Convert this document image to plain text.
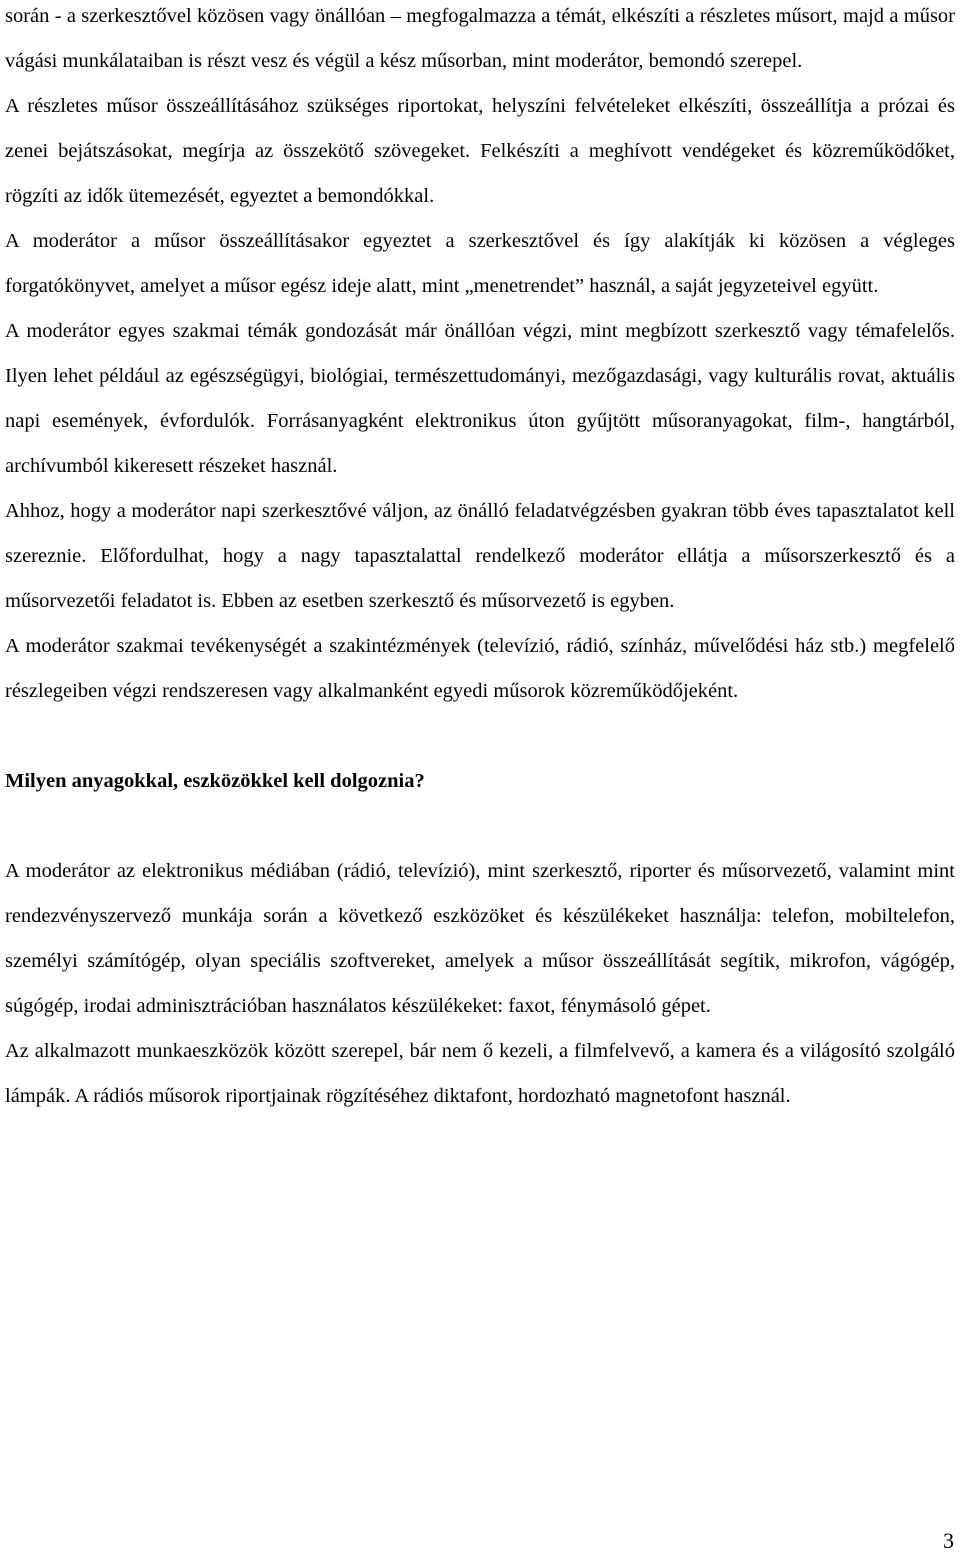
során - a szerkesztővel közösen vagy önállóan – megfogalmazza a témát, elkészíti a részletes műsort, majd a műsor vágási munkálataiban is részt vesz és végül a kész műsorban, mint moderátor, bemondó szerepel.

A részletes műsor összeállításához szükséges riportokat, helyszíni felvételeket elkészíti, összeállítja a prózai és zenei bejátszásokat, megírja az összekötő szövegeket. Felkészíti a meghívott vendégeket és közreműködőket, rögzíti az idők ütemezését, egyeztet a bemondókkal.

A moderátor a műsor összeállításakor egyeztet a szerkesztővel és így alakítják ki közösen a végleges forgatókönyvet, amelyet a műsor egész ideje alatt, mint „menetrendet” használ, a saját jegyzeteivel együtt.

A moderátor egyes szakmai témák gondozását már önállóan végzi, mint megbízott szerkesztő vagy témafelelős. Ilyen lehet például az egészségügyi, biológiai, természettudományi, mezőgazdasági, vagy kulturális rovat, aktuális napi események, évfordulók. Forrásanyagként elektronikus úton gyűjtött műsoranyagokat, film-, hangtárból, archívumból kikeresett részeket használ.

Ahhoz, hogy a moderátor napi szerkesztővé váljon, az önálló feladatvégzésben gyakran több éves tapasztalatot kell szereznie. Előfordulhat, hogy a nagy tapasztalattal rendelkező moderátor ellátja a műsorszerkesztő és a műsorvezetői feladatot is. Ebben az esetben szerkesztő és műsorvezető is egyben.

A moderátor szakmai tevékenységét a szakintézmények (televízió, rádió, színház, művelődési ház stb.) megfelelő részlegeiben végzi rendszeresen vagy alkalmanként egyedi műsorok közreműködőjeként.

Milyen anyagokkal, eszközökkel kell dolgoznia?

A moderátor az elektronikus médiában (rádió, televízió), mint szerkesztő, riporter és műsorvezető, valamint mint rendezvényszervező munkája során a következő eszközöket és készülékeket használja: telefon, mobiltelefon, személyi számítógép, olyan speciális szoftvereket, amelyek a műsor összeállítását segítik, mikrofon, vágógép, súgógép, irodai adminisztrációban használatos készülékeket: faxot, fénymásoló gépet.

Az alkalmazott munkaeszközök között szerepel, bár nem ő kezeli, a filmfelvevő, a kamera és a világosító szolgáló lámpák. A rádiós műsorok riportjainak rögzítéséhez diktafont, hordozható magnetofont használ.

3
